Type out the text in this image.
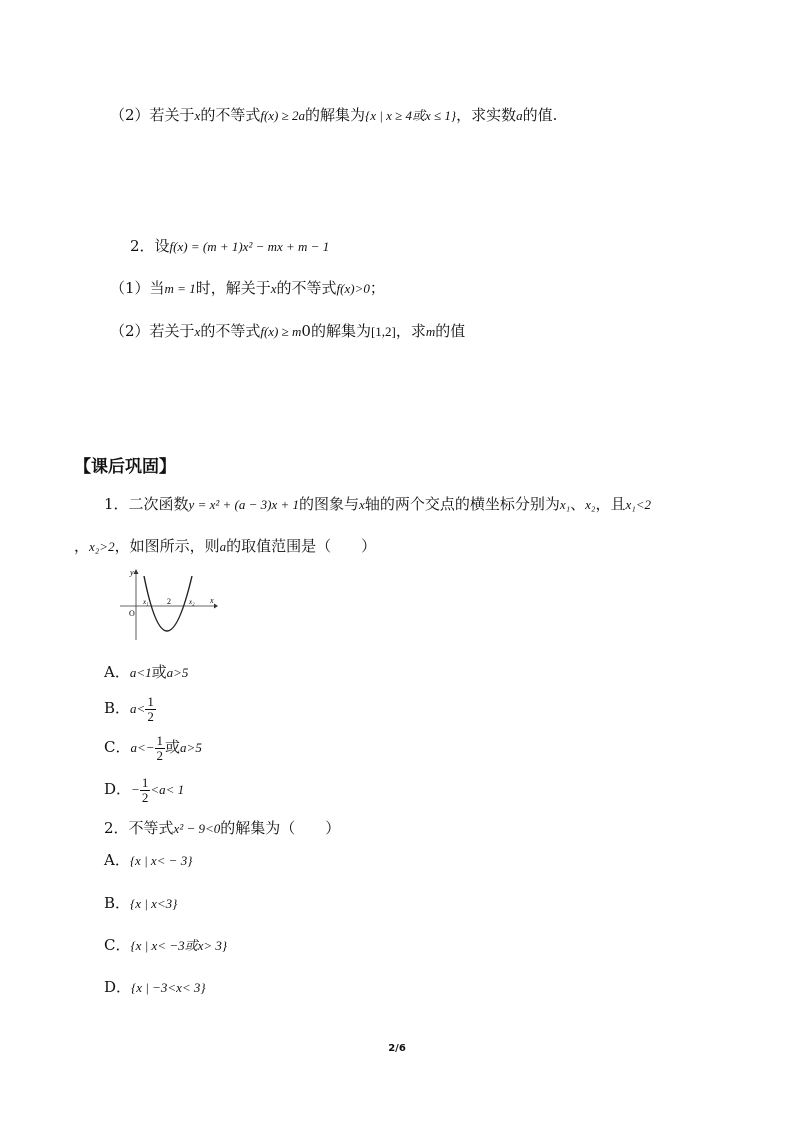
（2）若关于x的不等式f(x) ≥ 2a的解集为{x | x ≥ 4或x ≤ 1}，求实数a的值.
2．设f(x) = (m + 1)x² − mx + m − 1
（1）当m = 1时，解关于x的不等式f(x)>0；
（2）若关于x的不等式f(x) ≥ m0的解集为[1,2]，求m的值
【课后巩固】
1．二次函数y = x² + (a − 3)x + 1的图象与x轴的两个交点的横坐标分别为x₁、x₂，且x₁<2
，x₂>2，如图所示，则a的取值范围是（　　）
y
x
O
x₁ 2	x₂
A．a<1或a>5
B．$a< \frac{1}{2}$
C．$a<- \frac{1}{2}$ 或a>5
D．− $\frac{1}{2} <a< 1$
2．不等式x² − 9<0的解集为（　　）
A．{x | x< − 3}
B．{x | x<3}
C．{x | x< −3或x> 3}
D．{x | −3<x< 3}
2/6
